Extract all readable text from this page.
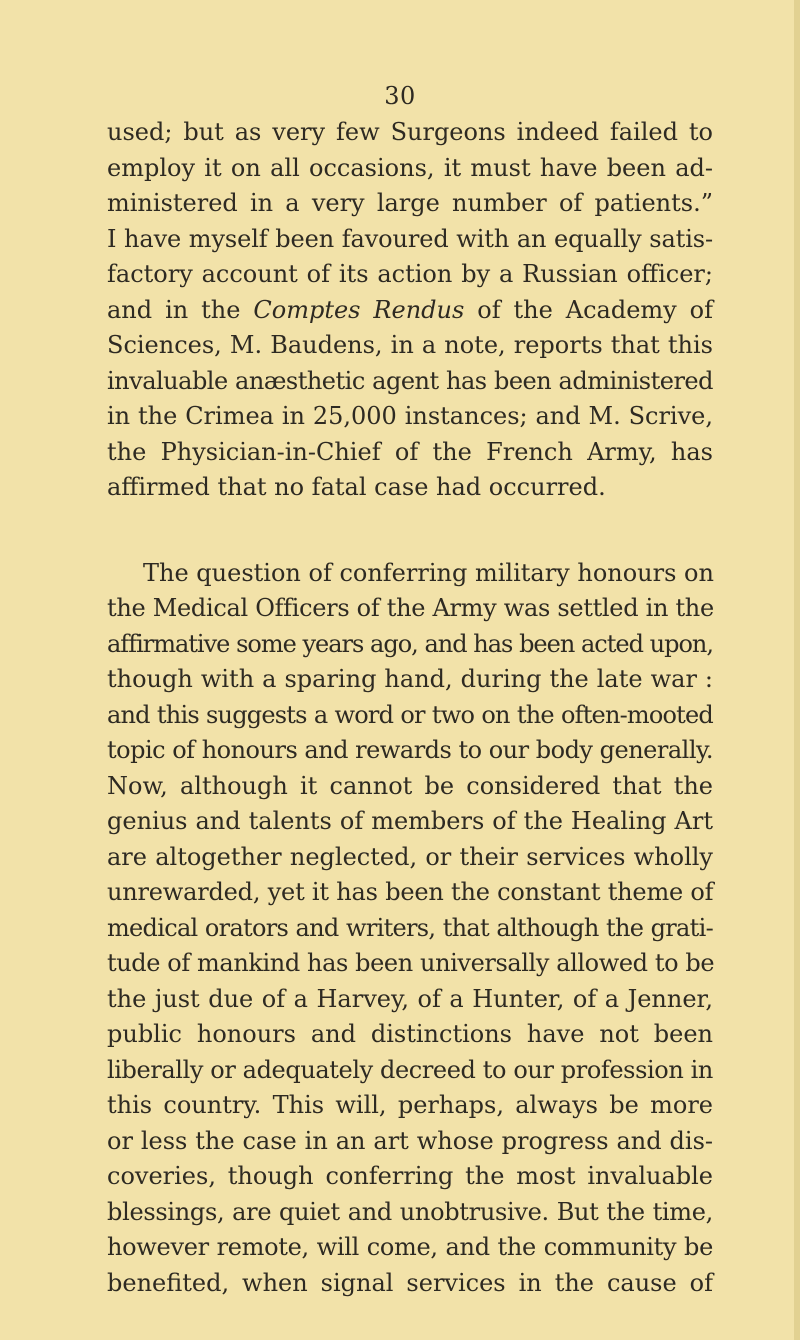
30
used; but as very few Surgeons indeed failed to
employ it on all occasions, it must have been ad-
ministered in a very large number of patients.”
I have myself been favoured with an equally satis-
factory account of its action by a Russian officer;
and in the Comptes Rendus of the Academy of
Sciences, M. Baudens, in a note, reports that this
invaluable anæsthetic agent has been administered
in the Crimea in 25,000 instances; and M. Scrive,
the Physician-in-Chief of the French Army, has
affirmed that no fatal case had occurred.
The question of conferring military honours on
the Medical Officers of the Army was settled in the
affirmative some years ago, and has been acted upon,
though with a sparing hand, during the late war :
and this suggests a word or two on the often-mooted
topic of honours and rewards to our body generally.
Now, although it cannot be considered that the
genius and talents of members of the Healing Art
are altogether neglected, or their services wholly
unrewarded, yet it has been the constant theme of
medical orators and writers, that although the grati-
tude of mankind has been universally allowed to be
the just due of a Harvey, of a Hunter, of a Jenner,
public honours and distinctions have not been
liberally or adequately decreed to our profession in
this country. This will, perhaps, always be more
or less the case in an art whose progress and dis-
coveries, though conferring the most invaluable
blessings, are quiet and unobtrusive. But the time,
however remote, will come, and the community be
benefited, when signal services in the cause of
